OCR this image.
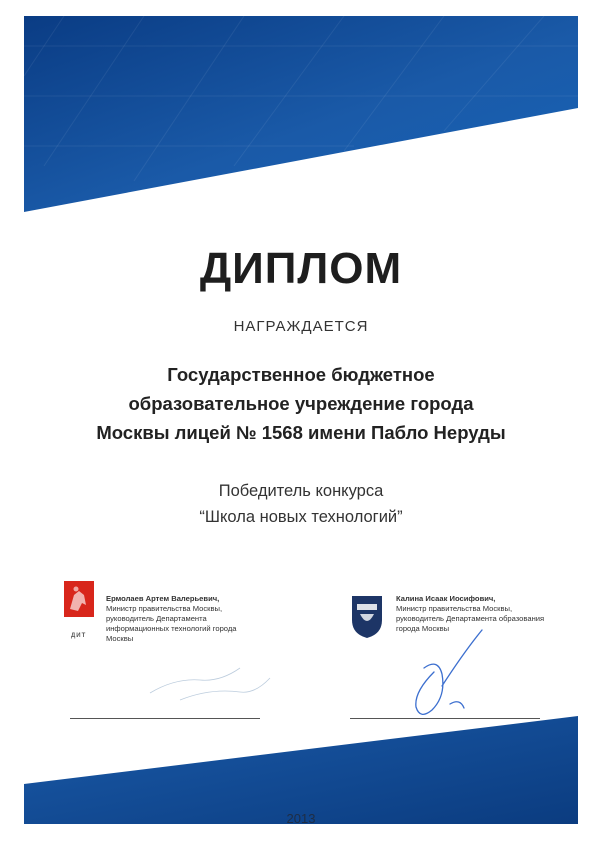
ДИПЛОМ
НАГРАЖДАЕТСЯ
Государственное бюджетное
образовательное учреждение города
Москвы лицей № 1568 имени Пабло Неруды
Победитель конкурса
“Школа новых технологий”
ДИТ
Ермолаев Артем Валерьевич,
Министр правительства Москвы, руководитель Департамента информационных технологий города Москвы
Калина Исаак Иосифович,
Министр правительства Москвы, руководитель Департамента образования города Москвы
2013
